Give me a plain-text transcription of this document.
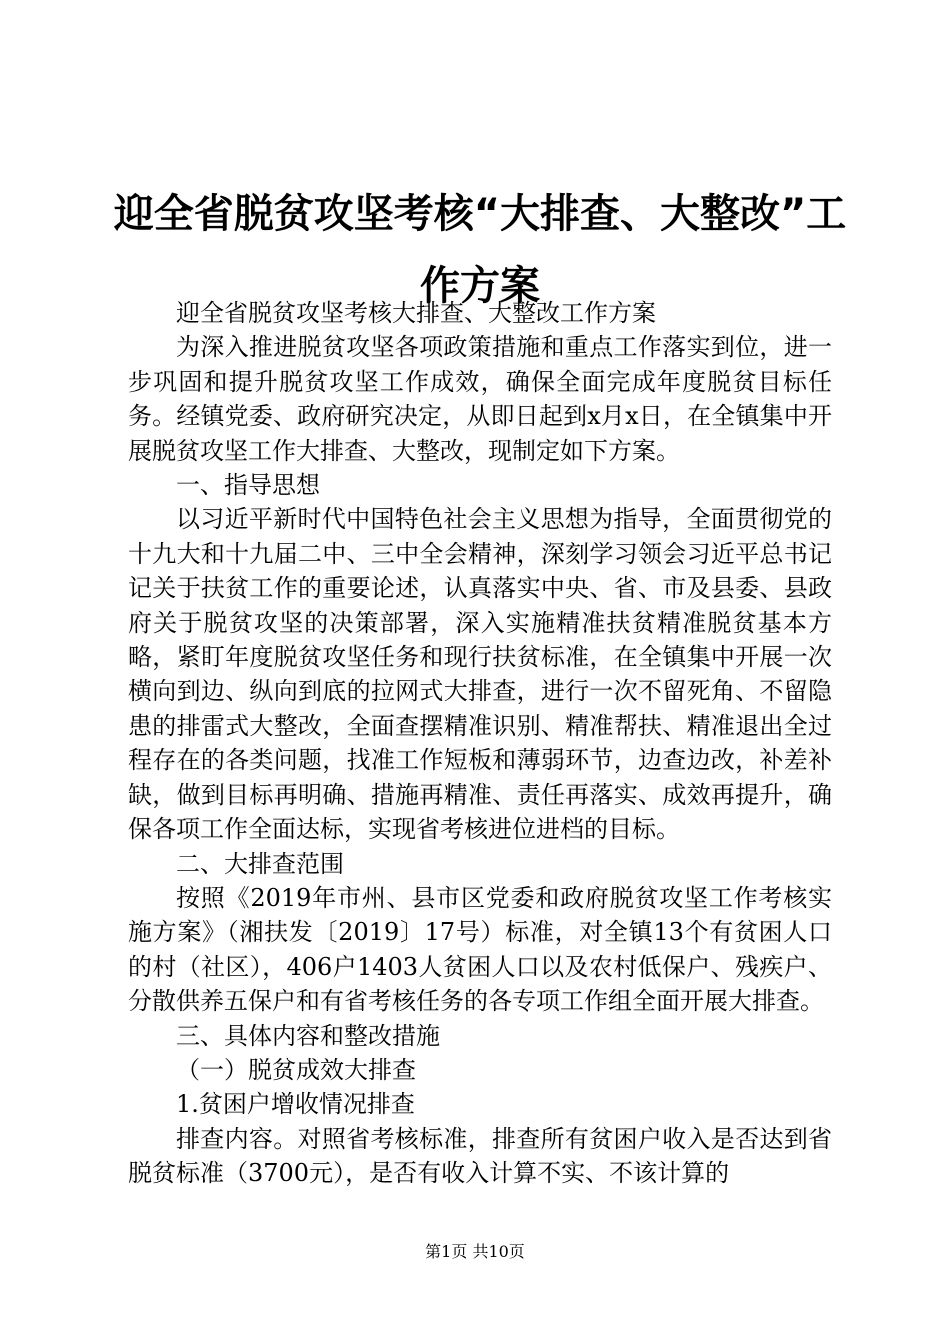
迎全省脱贫攻坚考核“大排查、大整改”工作方案

迎全省脱贫攻坚考核大排查、大整改工作方案

为深入推进脱贫攻坚各项政策措施和重点工作落实到位，进一步巩固和提升脱贫攻坚工作成效，确保全面完成年度脱贫目标任务。经镇党委、政府研究决定，从即日起到x月x日，在全镇集中开展脱贫攻坚工作大排查、大整改，现制定如下方案。

一、指导思想

以习近平新时代中国特色社会主义思想为指导，全面贯彻党的十九大和十九届二中、三中全会精神，深刻学习领会习近平总书记记关于扶贫工作的重要论述，认真落实中央、省、市及县委、县政府关于脱贫攻坚的决策部署，深入实施精准扶贫精准脱贫基本方略，紧盯年度脱贫攻坚任务和现行扶贫标准，在全镇集中开展一次横向到边、纵向到底的拉网式大排查，进行一次不留死角、不留隐患的排雷式大整改，全面查摆精准识别、精准帮扶、精准退出全过程存在的各类问题，找准工作短板和薄弱环节，边查边改，补差补缺，做到目标再明确、措施再精准、责任再落实、成效再提升，确保各项工作全面达标，实现省考核进位进档的目标。

二、大排查范围

按照《2019年市州、县市区党委和政府脱贫攻坚工作考核实施方案》（湘扶发〔2019〕17号）标准，对全镇13个有贫困人口的村（社区），406户1403人贫困人口以及农村低保户、残疾户、分散供养五保户和有省考核任务的各专项工作组全面开展大排查。

三、具体内容和整改措施

（一）脱贫成效大排查

1.贫困户增收情况排查

排查内容。对照省考核标准，排查所有贫困户收入是否达到省脱贫标准（3700元），是否有收入计算不实、不该计算的

第1页 共10页
